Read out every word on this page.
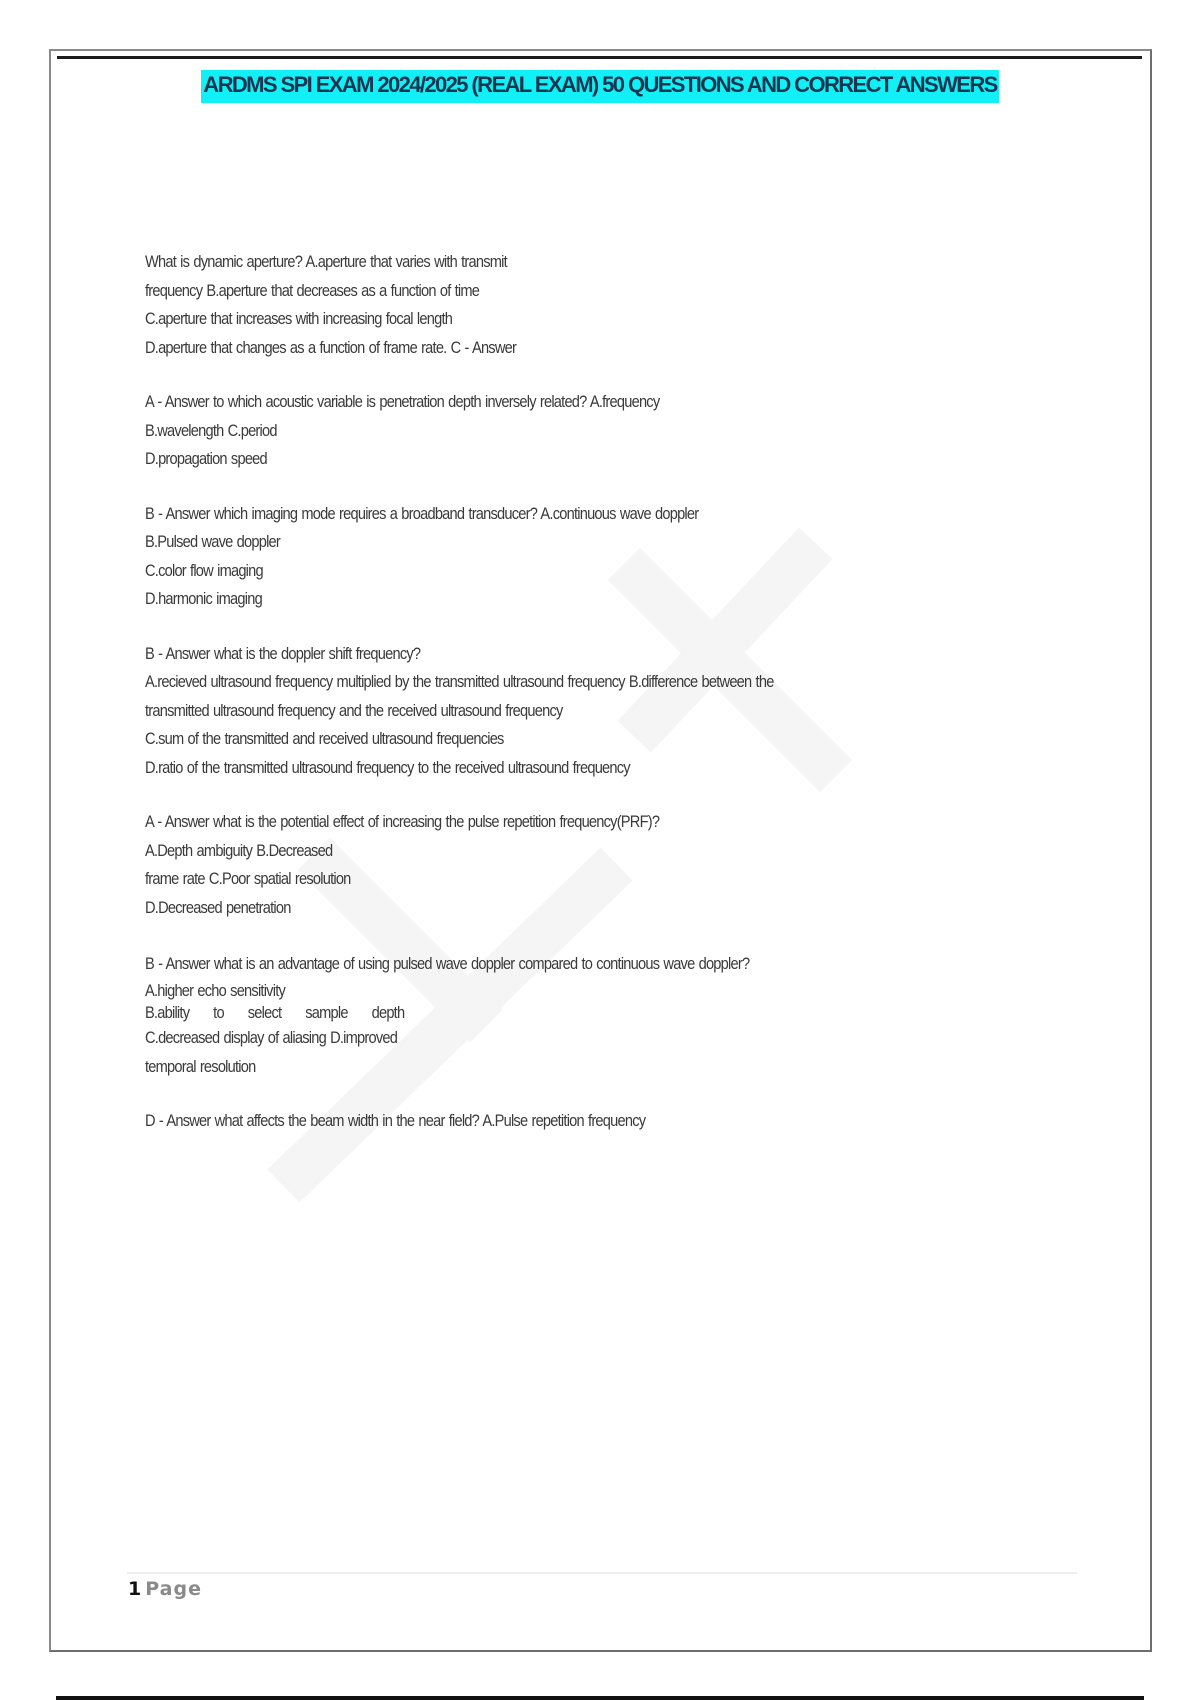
ARDMS SPI EXAM 2024/2025 (REAL EXAM) 50 QUESTIONS AND CORRECT ANSWERS
What is dynamic aperture? A.aperture that varies with transmit
frequency B.aperture that decreases as a function of time
C.aperture that increases with increasing focal length
D.aperture that changes as a function of frame rate. C - Answer
A - Answer to which acoustic variable is penetration depth inversely related? A.frequency
B.wavelength C.period
D.propagation speed
B - Answer which imaging mode requires a broadband transducer? A.continuous wave doppler
B.Pulsed wave doppler
C.color flow imaging
D.harmonic imaging
B - Answer what is the doppler shift frequency?
A.recieved ultrasound frequency multiplied by the transmitted ultrasound frequency B.difference between the
transmitted ultrasound frequency and the received ultrasound frequency
C.sum of the transmitted and received ultrasound frequencies
D.ratio of the transmitted ultrasound frequency to the received ultrasound frequency
A - Answer what is the potential effect of increasing the pulse repetition frequency(PRF)?
A.Depth ambiguity B.Decreased
frame rate C.Poor spatial resolution
D.Decreased penetration
B - Answer what is an advantage of using pulsed wave doppler compared to continuous wave doppler?
A.higher echo sensitivity
B.ability to select sample depth
C.decreased display of aliasing D.improved
temporal resolution
D - Answer what affects the beam width in the near field? A.Pulse repetition frequency
1 Page
